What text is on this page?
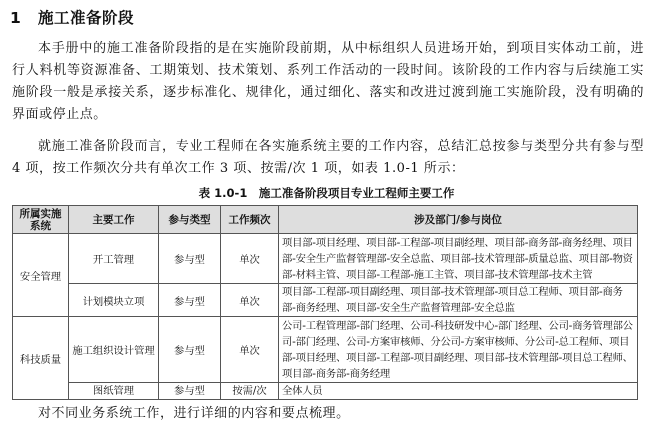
1 施工准备阶段
本手册中的施工准备阶段指的是在实施阶段前期，从中标组织人员进场开始，到项目实体动工前，进行人料机等资源准备、工期策划、技术策划、系列工作活动的一段时间。该阶段的工作内容与后续施工实施阶段一般是承接关系，逐步标准化、规律化，通过细化、落实和改进过渡到施工实施阶段，没有明确的界面或停止点。
就施工准备阶段而言，专业工程师在各实施系统主要的工作内容，总结汇总按参与类型分共有参与型 4 项，按工作频次分共有单次工作 3 项、按需/次 1 项，如表 1.0-1 所示：
表 1.0-1　施工准备阶段项目专业工程师主要工作
所属实施系统	主要工作	参与类型	工作频次	涉及部门/参与岗位
安全管理	开工管理	参与型	单次	项目部-项目经理、项目部-工程部-项目副经理、项目部-商务部-商务经理、项目部-安全生产监督管理部-安全总监、项目部-技术管理部-质量总监、项目部-物资部-材料主管、项目部-工程部-施工主管、项目部-技术管理部-技术主管
	计划模块立项	参与型	单次	项目部-工程部-项目副经理、项目部-技术管理部-项目总工程师、项目部-商务部-商务经理、项目部-安全生产监督管理部-安全总监
科技质量	施工组织设计管理	参与型	单次	公司-工程管理部-部门经理、公司-科技研发中心-部门经理、公司-商务管理部公司-部门经理、公司-方案审核师、分公司-方案审核师、分公司-总工程师、项目部-项目经理、项目部-工程部-项目副经理、项目部-技术管理部-项目总工程师、项目部-商务部-商务经理
	图纸管理	参与型	按需/次	全体人员
对不同业务系统工作，进行详细的内容和要点梳理。
